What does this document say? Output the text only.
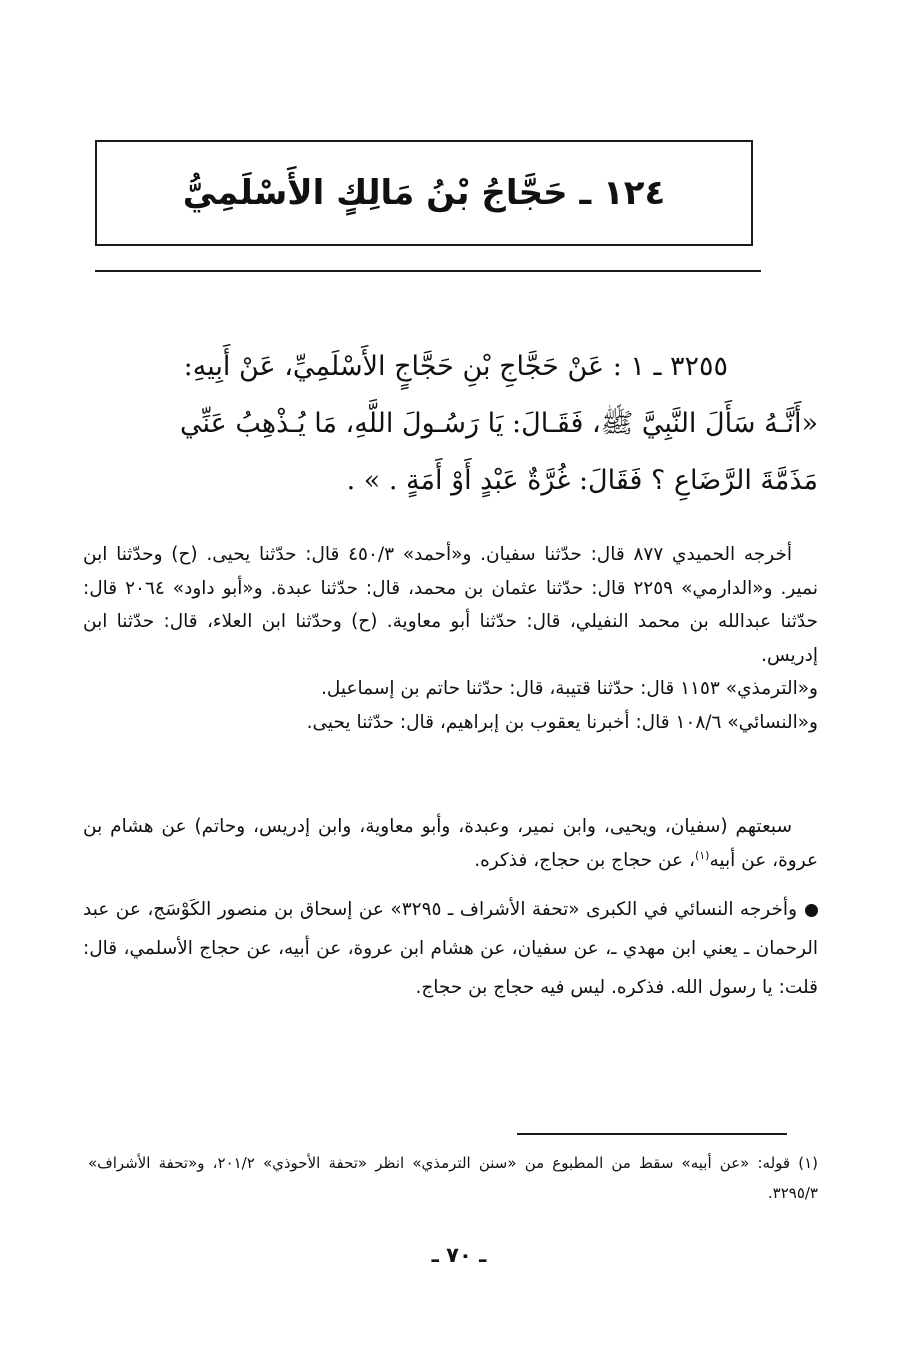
١٢٤ ـ حَجَّاجُ بْنُ مَالِكٍ الأَسْلَمِيُّ

٣٢٥٥ ـ ١ : عَنْ حَجَّاجِ بْنِ حَجَّاجٍ الأَسْلَمِيِّ، عَنْ أَبِيهِ:

«أَنَّـهُ سَأَلَ النَّبِيَّ ﷺ، فَقَـالَ: يَا رَسُـولَ اللَّهِ، مَا يُـذْهِبُ عَنِّي

مَذَمَّةَ الرَّضَاعِ ؟ فَقَالَ: غُرَّةٌ عَبْدٍ أَوْ أَمَةٍ . » .

أخرجه الحميدي ٨٧٧ قال: حدّثنا سفيان. و«أحمد» ٤٥٠/٣ قال: حدّثنا يحيى. (ح) وحدّثنا ابن نمير. و«الدارمي» ٢٢٥٩ قال: حدّثنا عثمان بن محمد، قال: حدّثنا عبدة. و«أبو داود» ٢٠٦٤ قال: حدّثنا عبدالله بن محمد النفيلي، قال: حدّثنا أبو معاوية. (ح) وحدّثنا ابن العلاء، قال: حدّثنا ابن إدريس.

و«الترمذي» ١١٥٣ قال: حدّثنا قتيبة، قال: حدّثنا حاتم بن إسماعيل.

و«النسائي» ١٠٨/٦ قال: أخبرنا يعقوب بن إبراهيم، قال: حدّثنا يحيى.

سبعتهم (سفيان، ويحيى، وابن نمير، وعبدة، وأبو معاوية، وابن إدريس، وحاتم) عن هشام بن عروة، عن أبيه$^{(١)}$، عن حجاج بن حجاج، فذكره.

وأخرجه النسائي في الكبرى «تحفة الأشراف ـ ٣٢٩٥» عن إسحاق بن منصور الكَوْسَج، عن عبد الرحمان ـ يعني ابن مهدي ـ، عن سفيان، عن هشام ابن عروة، عن أبيه، عن حجاج الأسلمي، قال: قلت: يا رسول الله. فذكره. ليس فيه حجاج بن حجاج.

(١) قوله: «عن أبيه» سقط من المطبوع من «سنن الترمذي» انظر «تحفة الأحوذي» ٢٠١/٢، و«تحفة الأشراف» ٣٢٩٥/٣.

ـ ٧٠ ـ
